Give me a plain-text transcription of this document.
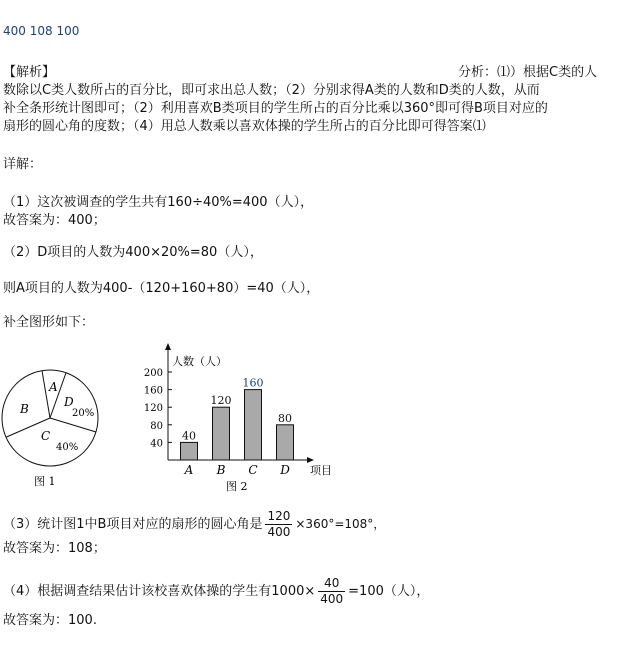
400 108 100
【解析】	分析：⑴）根据C类的人
数除以C类人数所占的百分比，即可求出总人数；（2）分别求得A类的人数和D类的人数，从而
补全条形统计图即可；（2）利用喜欢B类项目的学生所占的百分比乘以360°即可得B项目对应的
扇形的圆心角的度数；（4）用总人数乘以喜欢体操的学生所占的百分比即可得答案⑴
详解：
（1）这次被调查的学生共有160÷40%=400（人），
故答案为：400；
（2）D项目的人数为400×20%=80（人），
则A项目的人数为400-（120+160+80）=40（人），
补全图形如下：
A
B
C
40%
D
20%
图 1
人数（人）
项目
图 2
40
80
120
160
200
40
A
120
B
160
C
80
D
（3）统计图1中B项目对应的扇形的圆心角是 $\frac{120}{400} \times 360^\circ=108^\circ$，
故答案为：108；
（4）根据调查结果估计该校喜欢体操的学生有$1000\times \frac{40}{400} =100$（人），
故答案为：100.
